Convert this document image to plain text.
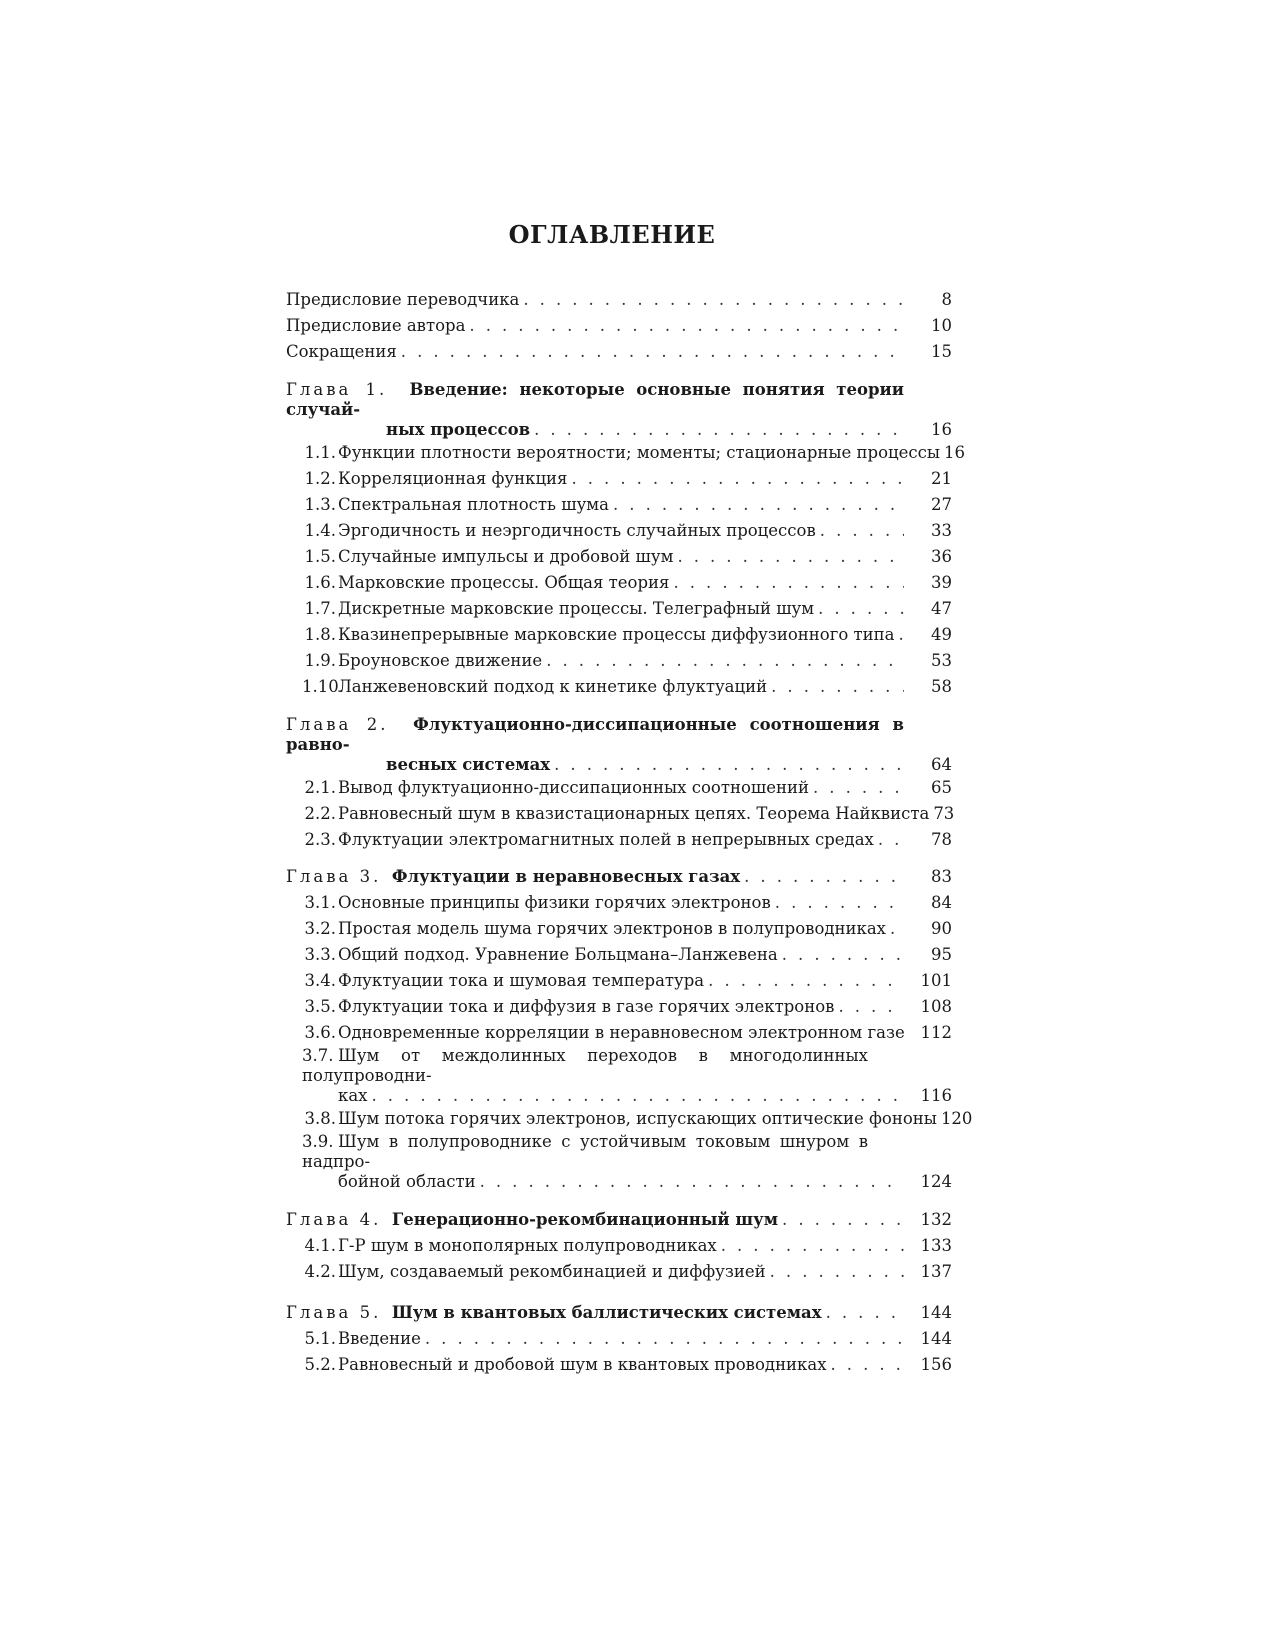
ОГЛАВЛЕНИЕ
Предисловие переводчика . . .	8
Предисловие автора . . .	10
Сокращения . . .	15
Глава 1. Введение: некоторые основные понятия теории случай-
ных процессов . . .	16
1.1. Функции плотности вероятности; моменты; стационарные процессы . . . 16
1.2. Корреляционная функция . . .	21
1.3. Спектральная плотность шума . . .	27
1.4. Эргодичность и неэргодичность случайных процессов . . .	33
1.5. Случайные импульсы и дробовой шум . . .	36
1.6. Марковские процессы. Общая теория . . .	39
1.7. Дискретные марковские процессы. Телеграфный шум . . .	47
1.8. Квазинепрерывные марковские процессы диффузионного типа . . .	49
1.9. Броуновское движение . . .	53
1.10.Ланжевеновский подход к кинетике флуктуаций . . .	58
Глава 2. Флуктуационно-диссипационные соотношения в равно-
весных системах . . .	64
2.1. Вывод флуктуационно-диссипационных соотношений . . .	65
2.2. Равновесный шум в квазистационарных цепях. Теорема Найквиста . . . 73
2.3. Флуктуации электромагнитных полей в непрерывных средах . . .	78
Глава 3. Флуктуации в неравновесных газах . . .	83
3.1. Основные принципы физики горячих электронов . . .	84
3.2. Простая модель шума горячих электронов в полупроводниках . . .	90
3.3. Общий подход. Уравнение Больцмана–Ланжевена . . .	95
3.4. Флуктуации тока и шумовая температура . . .	101
3.5. Флуктуации тока и диффузия в газе горячих электронов . . .	108
3.6. Одновременные корреляции в неравновесном электронном газе . . . 112
3.7. Шум от междолинных переходов в многодолинных полупроводни-
ках . . .	116
3.8. Шум потока горячих электронов, испускающих оптические фононы . . . 120
3.9. Шум в полупроводнике с устойчивым токовым шнуром в надпро-
бойной области . . .	124
Глава 4. Генерационно-рекомбинационный шум . . .	132
4.1. Г-Р шум в монополярных полупроводниках . . .	133
4.2. Шум, создаваемый рекомбинацией и диффузией . . .	137
Глава 5. Шум в квантовых баллистических системах . . .	144
5.1. Введение . . .	144
5.2. Равновесный и дробовой шум в квантовых проводниках . . .	156
